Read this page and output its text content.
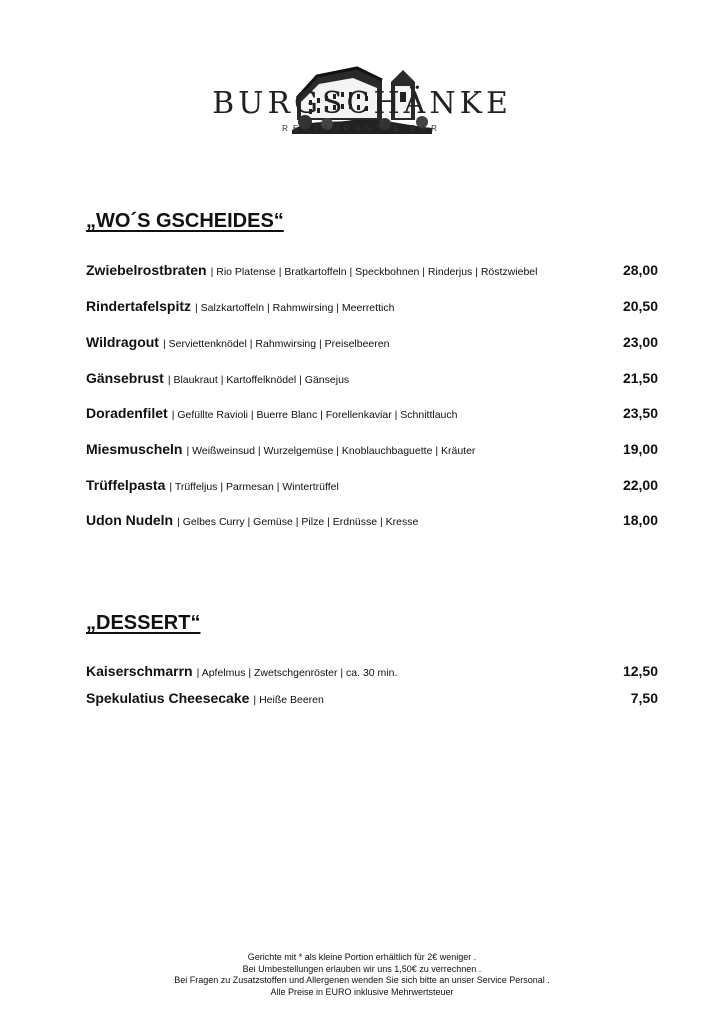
BURGSCHÄNKE
RESTAURANT & BAR
„WO´S GSCHEIDES“
Zwiebelrostbraten | Rio Platense | Bratkartoffeln | Speckbohnen | Rinderjus | Röstzwiebel	28,00
Rindertafelspitz | Salzkartoffeln | Rahmwirsing | Meerrettich	20,50
Wildragout | Serviettenknödel | Rahmwirsing | Preiselbeeren	23,00
Gänsebrust | Blaukraut | Kartoffelknödel | Gänsejus	21,50
Doradenfilet | Gefüllte Ravioli | Buerre Blanc | Forellenkaviar | Schnittlauch	23,50
Miesmuscheln | Weißweinsud | Wurzelgemüse | Knoblauchbaguette | Kräuter	19,00
Trüffelpasta | Trüffeljus | Parmesan | Wintertrüffel	22,00
Udon Nudeln | Gelbes Curry | Gemüse | Pilze | Erdnüsse | Kresse	18,00
„DESSERT“
Kaiserschmarrn | Apfelmus | Zwetschgenröster | ca. 30 min.	12,50
Spekulatius Cheesecake | Heiße Beeren	7,50
Gerichte mit * als kleine Portion erhältlich für 2€ weniger .
Bei Umbestellungen erlauben wir uns 1,50€ zu verrechnen .
Bei Fragen zu Zusatzstoffen und Allergenen wenden Sie sich bitte an unser Service Personal .
Alle Preise in EURO inklusive Mehrwertsteuer
